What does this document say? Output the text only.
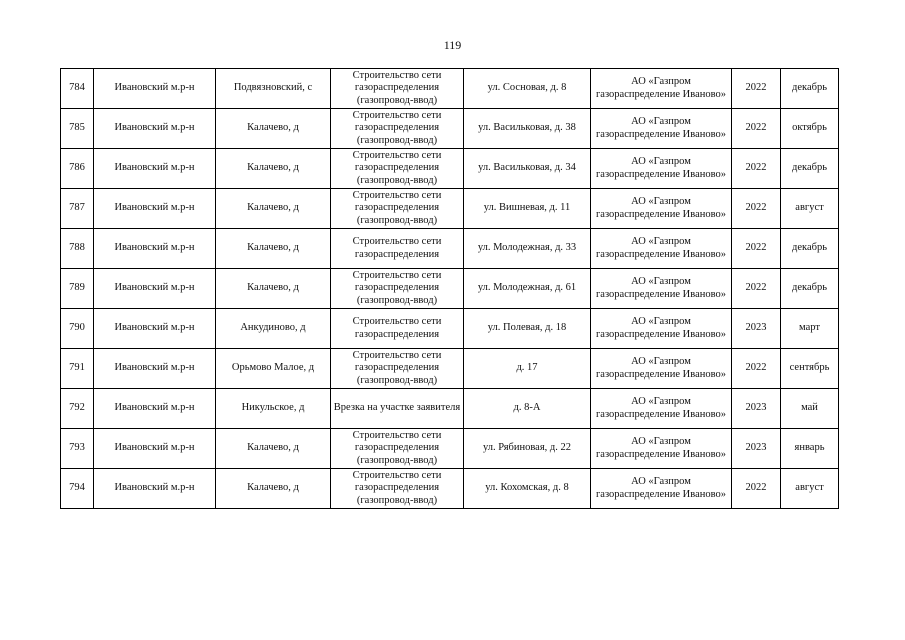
119
784	Ивановский м.р-н	Подвязновский, с	Строительство сети газораспределения (газопровод-ввод)	ул. Сосновая, д. 8	АО «Газпром газораспределение Иваново»	2022	декабрь
785	Ивановский м.р-н	Калачево, д	Строительство сети газораспределения (газопровод-ввод)	ул. Васильковая, д. 38	АО «Газпром газораспределение Иваново»	2022	октябрь
786	Ивановский м.р-н	Калачево, д	Строительство сети газораспределения (газопровод-ввод)	ул. Васильковая, д. 34	АО «Газпром газораспределение Иваново»	2022	декабрь
787	Ивановский м.р-н	Калачево, д	Строительство сети газораспределения (газопровод-ввод)	ул. Вишневая, д. 11	АО «Газпром газораспределение Иваново»	2022	август
788	Ивановский м.р-н	Калачево, д	Строительство сети газораспределения	ул. Молодежная, д. 33	АО «Газпром газораспределение Иваново»	2022	декабрь
789	Ивановский м.р-н	Калачево, д	Строительство сети газораспределения (газопровод-ввод)	ул. Молодежная, д. 61	АО «Газпром газораспределение Иваново»	2022	декабрь
790	Ивановский м.р-н	Анкудиново, д	Строительство сети газораспределения	ул. Полевая, д. 18	АО «Газпром газораспределение Иваново»	2023	март
791	Ивановский м.р-н	Орьмово Малое, д	Строительство сети газораспределения (газопровод-ввод)	д. 17	АО «Газпром газораспределение Иваново»	2022	сентябрь
792	Ивановский м.р-н	Никульское, д	Врезка на участке заявителя	д. 8-А	АО «Газпром газораспределение Иваново»	2023	май
793	Ивановский м.р-н	Калачево, д	Строительство сети газораспределения (газопровод-ввод)	ул. Рябиновая, д. 22	АО «Газпром газораспределение Иваново»	2023	январь
794	Ивановский м.р-н	Калачево, д	Строительство сети газораспределения (газопровод-ввод)	ул. Кохомская, д. 8	АО «Газпром газораспределение Иваново»	2022	август
